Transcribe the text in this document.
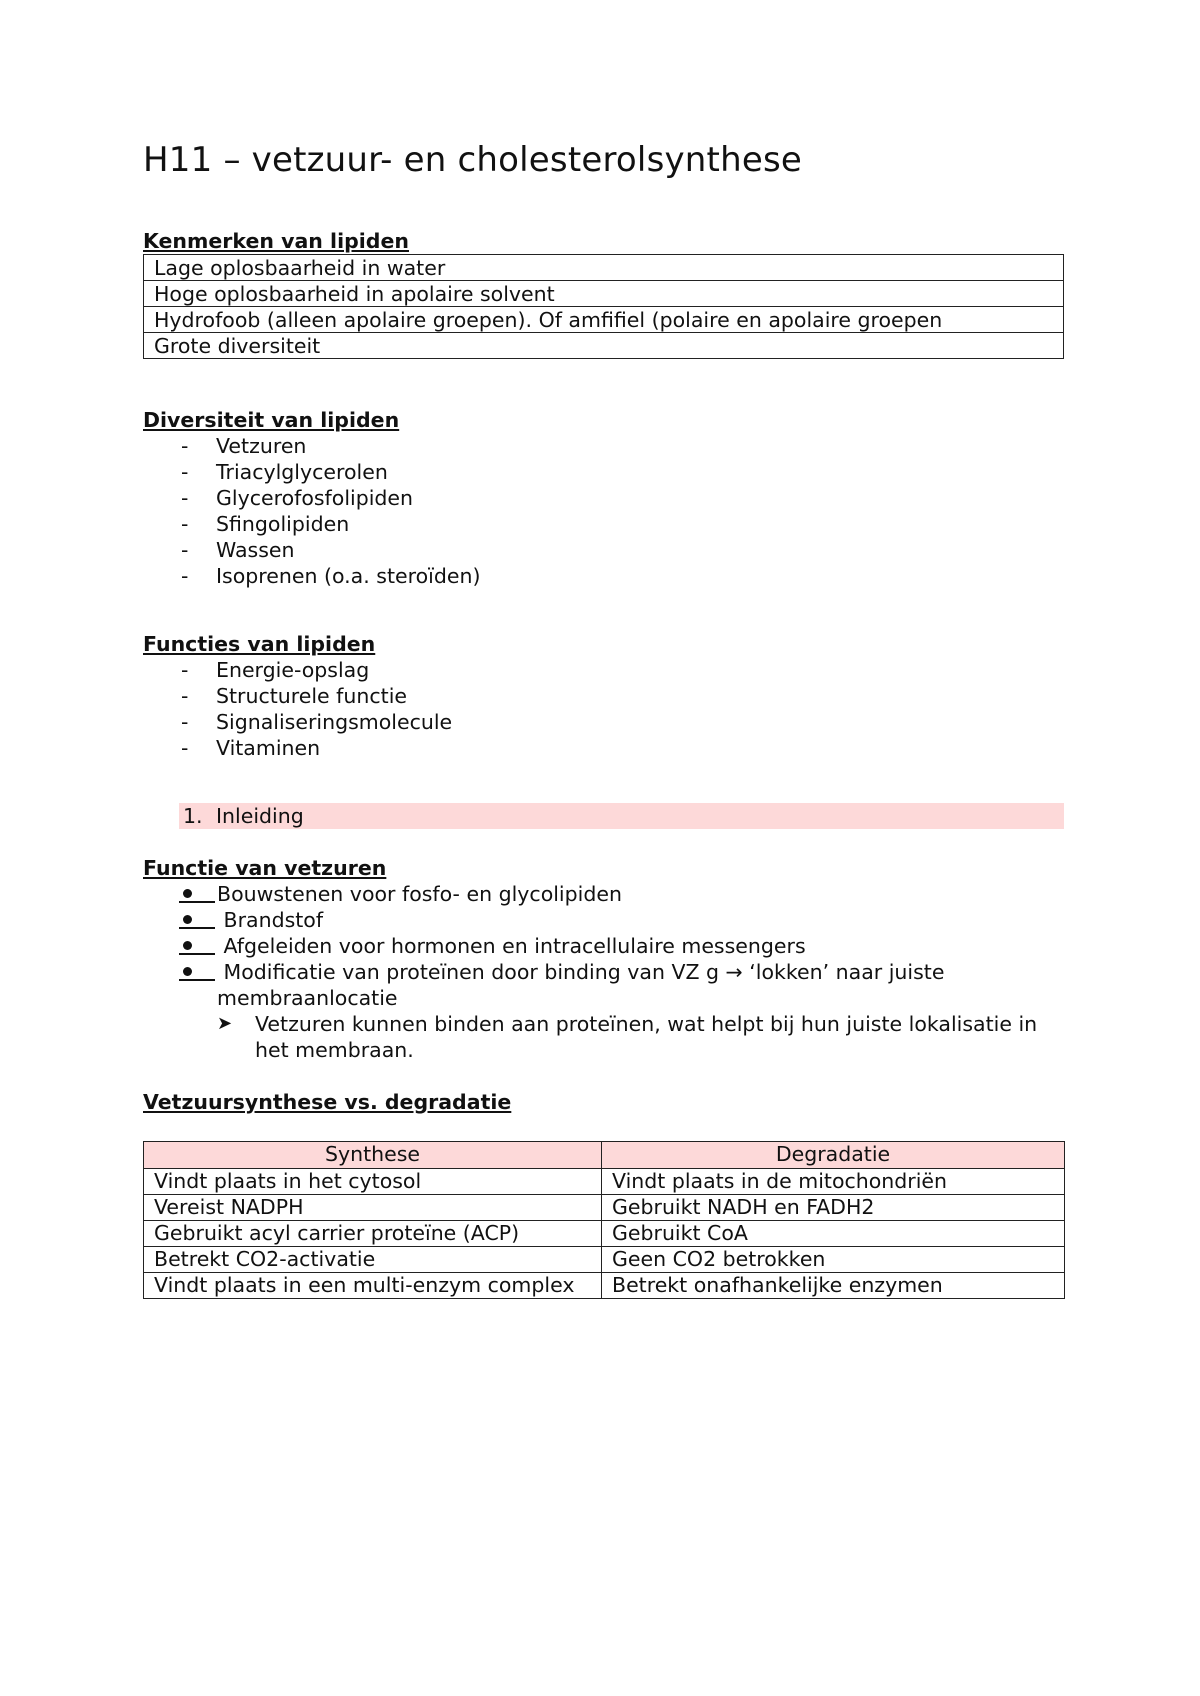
H11 – vetzuur- en cholesterolsynthese
Kenmerken van lipiden
Lage oplosbaarheid in water
Hoge oplosbaarheid in apolaire solvent
Hydrofoob (alleen apolaire groepen). Of amfifiel (polaire en apolaire groepen
Grote diversiteit
Diversiteit van lipiden
- Vetzuren
- Triacylglycerolen
- Glycerofosfolipiden
- Sfingolipiden
- Wassen
- Isoprenen (o.a. steroïden)
Functies van lipiden
- Energie-opslag
- Structurele functie
- Signaliseringsmolecule
- Vitaminen
1. Inleiding
Functie van vetzuren
Bouwstenen voor fosfo- en glycolipiden
Brandstof
Afgeleiden voor hormonen en intracellulaire messengers
Modificatie van proteïnen door binding van VZ g → ‘lokken’ naar juiste membraanlocatie
➤ Vetzuren kunnen binden aan proteïnen, wat helpt bij hun juiste lokalisatie in het membraan.
Vetzuursynthese vs. degradatie
Synthese	Degradatie
Vindt plaats in het cytosol	Vindt plaats in de mitochondriën
Vereist NADPH	Gebruikt NADH en FADH2
Gebruikt acyl carrier proteïne (ACP)	Gebruikt CoA
Betrekt CO2-activatie	Geen CO2 betrokken
Vindt plaats in een multi-enzym complex	Betrekt onafhankelijke enzymen
